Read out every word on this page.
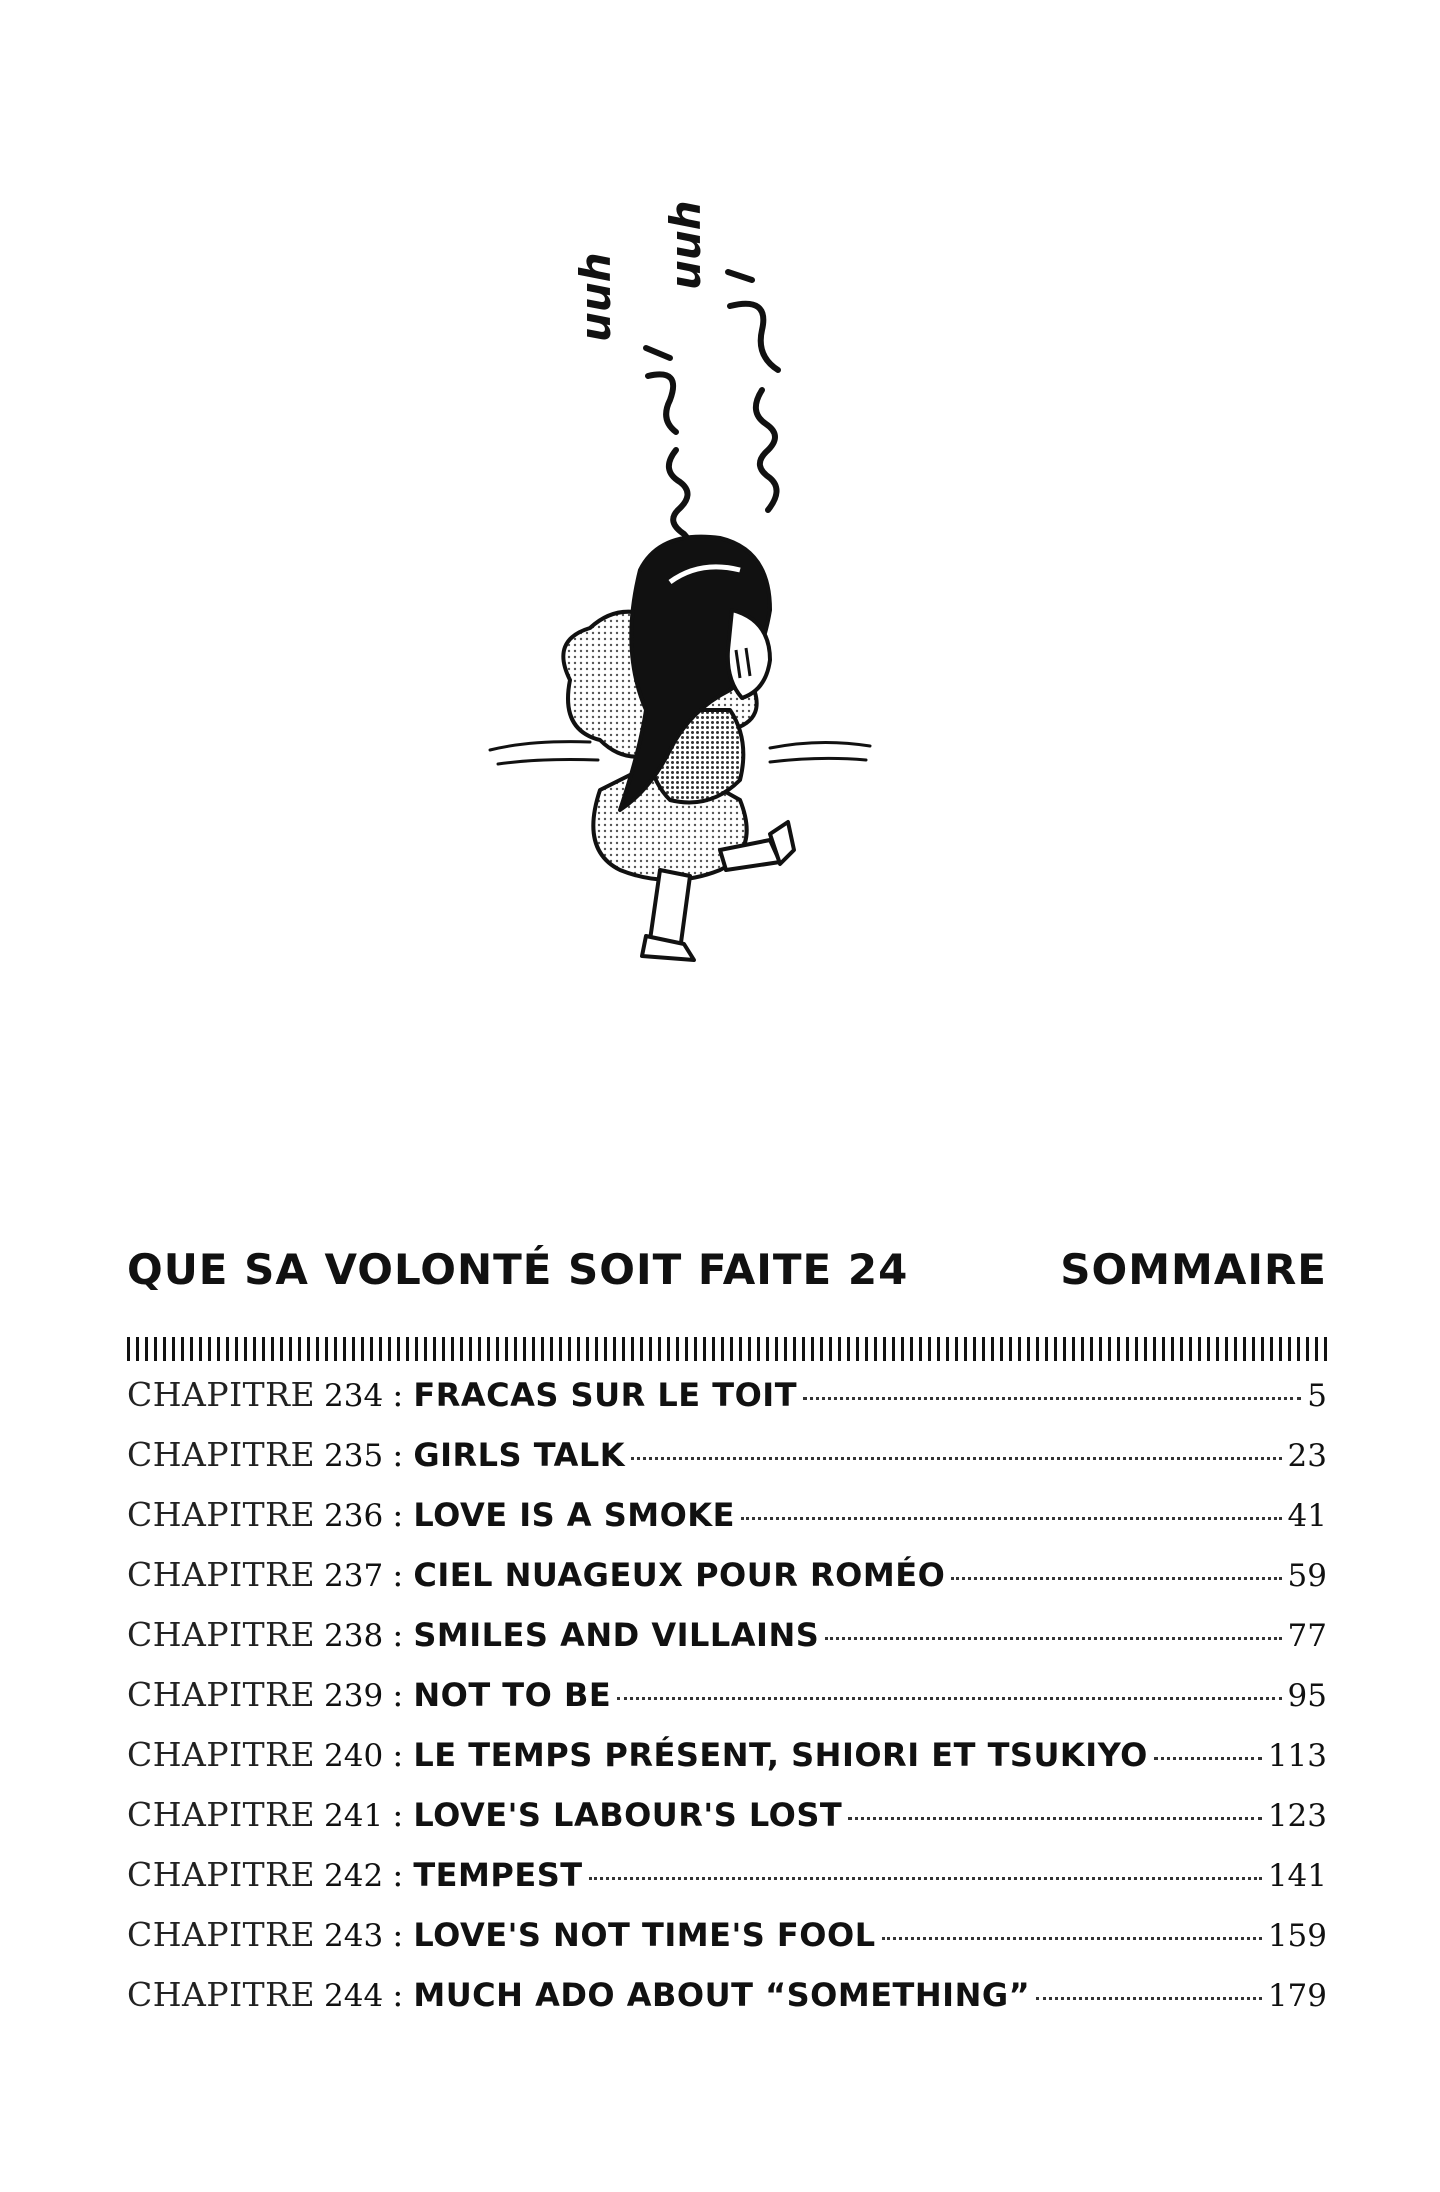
uuh
uuh
QUE SA VOLONTÉ SOIT FAITE 24	SOMMAIRE
CHAPITRE 234 : FRACAS SUR LE TOIT	5
CHAPITRE 235 : GIRLS TALK	23
CHAPITRE 236 : LOVE IS A SMOKE	41
CHAPITRE 237 : CIEL NUAGEUX POUR ROMÉO	59
CHAPITRE 238 : SMILES AND VILLAINS	77
CHAPITRE 239 : NOT TO BE	95
CHAPITRE 240 : LE TEMPS PRÉSENT, SHIORI ET TSUKIYO	113
CHAPITRE 241 : LOVE'S LABOUR'S LOST	123
CHAPITRE 242 : TEMPEST	141
CHAPITRE 243 : LOVE'S NOT TIME'S FOOL	159
CHAPITRE 244 : MUCH ADO ABOUT “SOMETHING”	179
